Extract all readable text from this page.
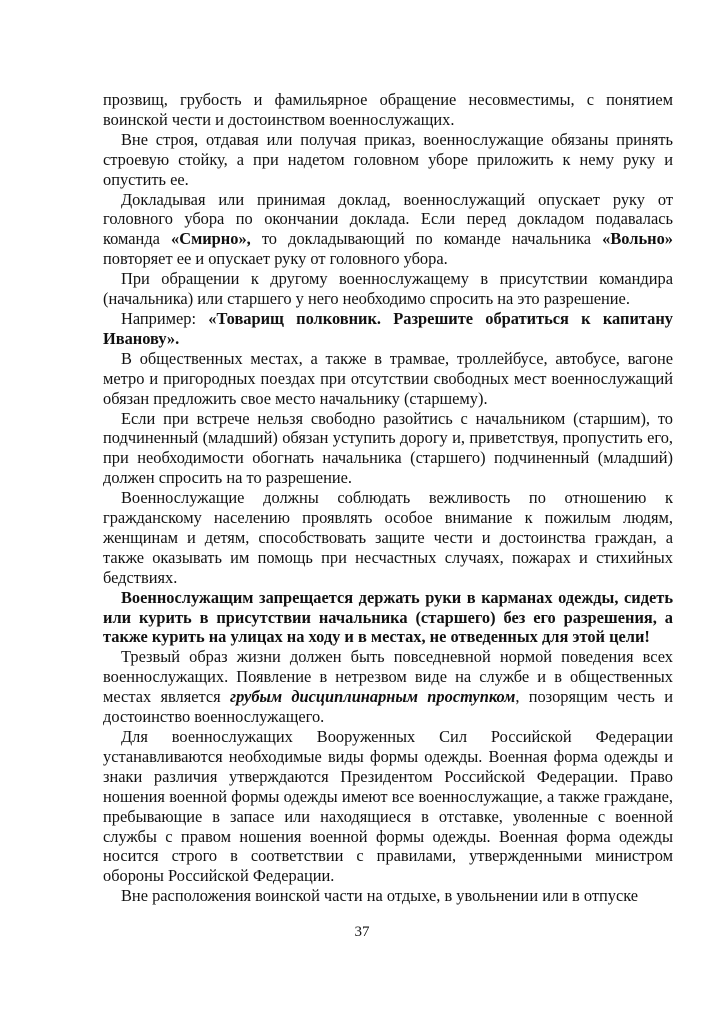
прозвищ, грубость и фамильярное обращение несовместимы, с понятием воинской чести и достоинством военнослужащих.

Вне строя, отдавая или получая приказ, военнослужащие обязаны принять строевую стойку, а при надетом головном уборе приложить к нему руку и опустить ее.

Докладывая или принимая доклад, военнослужащий опускает руку от головного убора по окончании доклада. Если перед докладом подавалась команда «Смирно», то докладывающий по команде начальника «Вольно» повторяет ее и опускает руку от головного убора.

При обращении к другому военнослужащему в присутствии командира (начальника) или старшего у него необходимо спросить на это разрешение.

Например: «Товарищ полковник. Разрешите обратиться к капитану Иванову».

В общественных местах, а также в трамвае, троллейбусе, автобусе, вагоне метро и пригородных поездах при отсутствии свободных мест военнослужащий обязан предложить свое место начальнику (старшему).

Если при встрече нельзя свободно разойтись с начальником (старшим), то подчиненный (младший) обязан уступить дорогу и, приветствуя, пропустить его, при необходимости обогнать начальника (старшего) подчиненный (младший) должен спросить на то разрешение.

Военнослужащие должны соблюдать вежливость по отношению к гражданскому населению проявлять особое внимание к пожилым людям, женщинам и детям, способствовать защите чести и достоинства граждан, а также оказывать им помощь при несчастных случаях, пожарах и стихийных бедствиях.

Военнослужащим запрещается держать руки в карманах одежды, сидеть или курить в присутствии начальника (старшего) без его разрешения, а также курить на улицах на ходу и в местах, не отведенных для этой цели!

Трезвый образ жизни должен быть повседневной нормой поведения всех военнослужащих. Появление в нетрезвом виде на службе и в общественных местах является грубым дисциплинарным проступком, позорящим честь и достоинство военнослужащего.

Для военнослужащих Вооруженных Сил Российской Федерации устанавливаются необходимые виды формы одежды. Военная форма одежды и знаки различия утверждаются Президентом Российской Федерации. Право ношения военной формы одежды имеют все военнослужащие, а также граждане, пребывающие в запасе или находящиеся в отставке, уволенные с военной службы с правом ношения военной формы одежды. Военная форма одежды носится строго в соответствии с правилами, утвержденными министром обороны Российской Федерации.

Вне расположения воинской части на отдыхе, в увольнении или в отпуске

37
